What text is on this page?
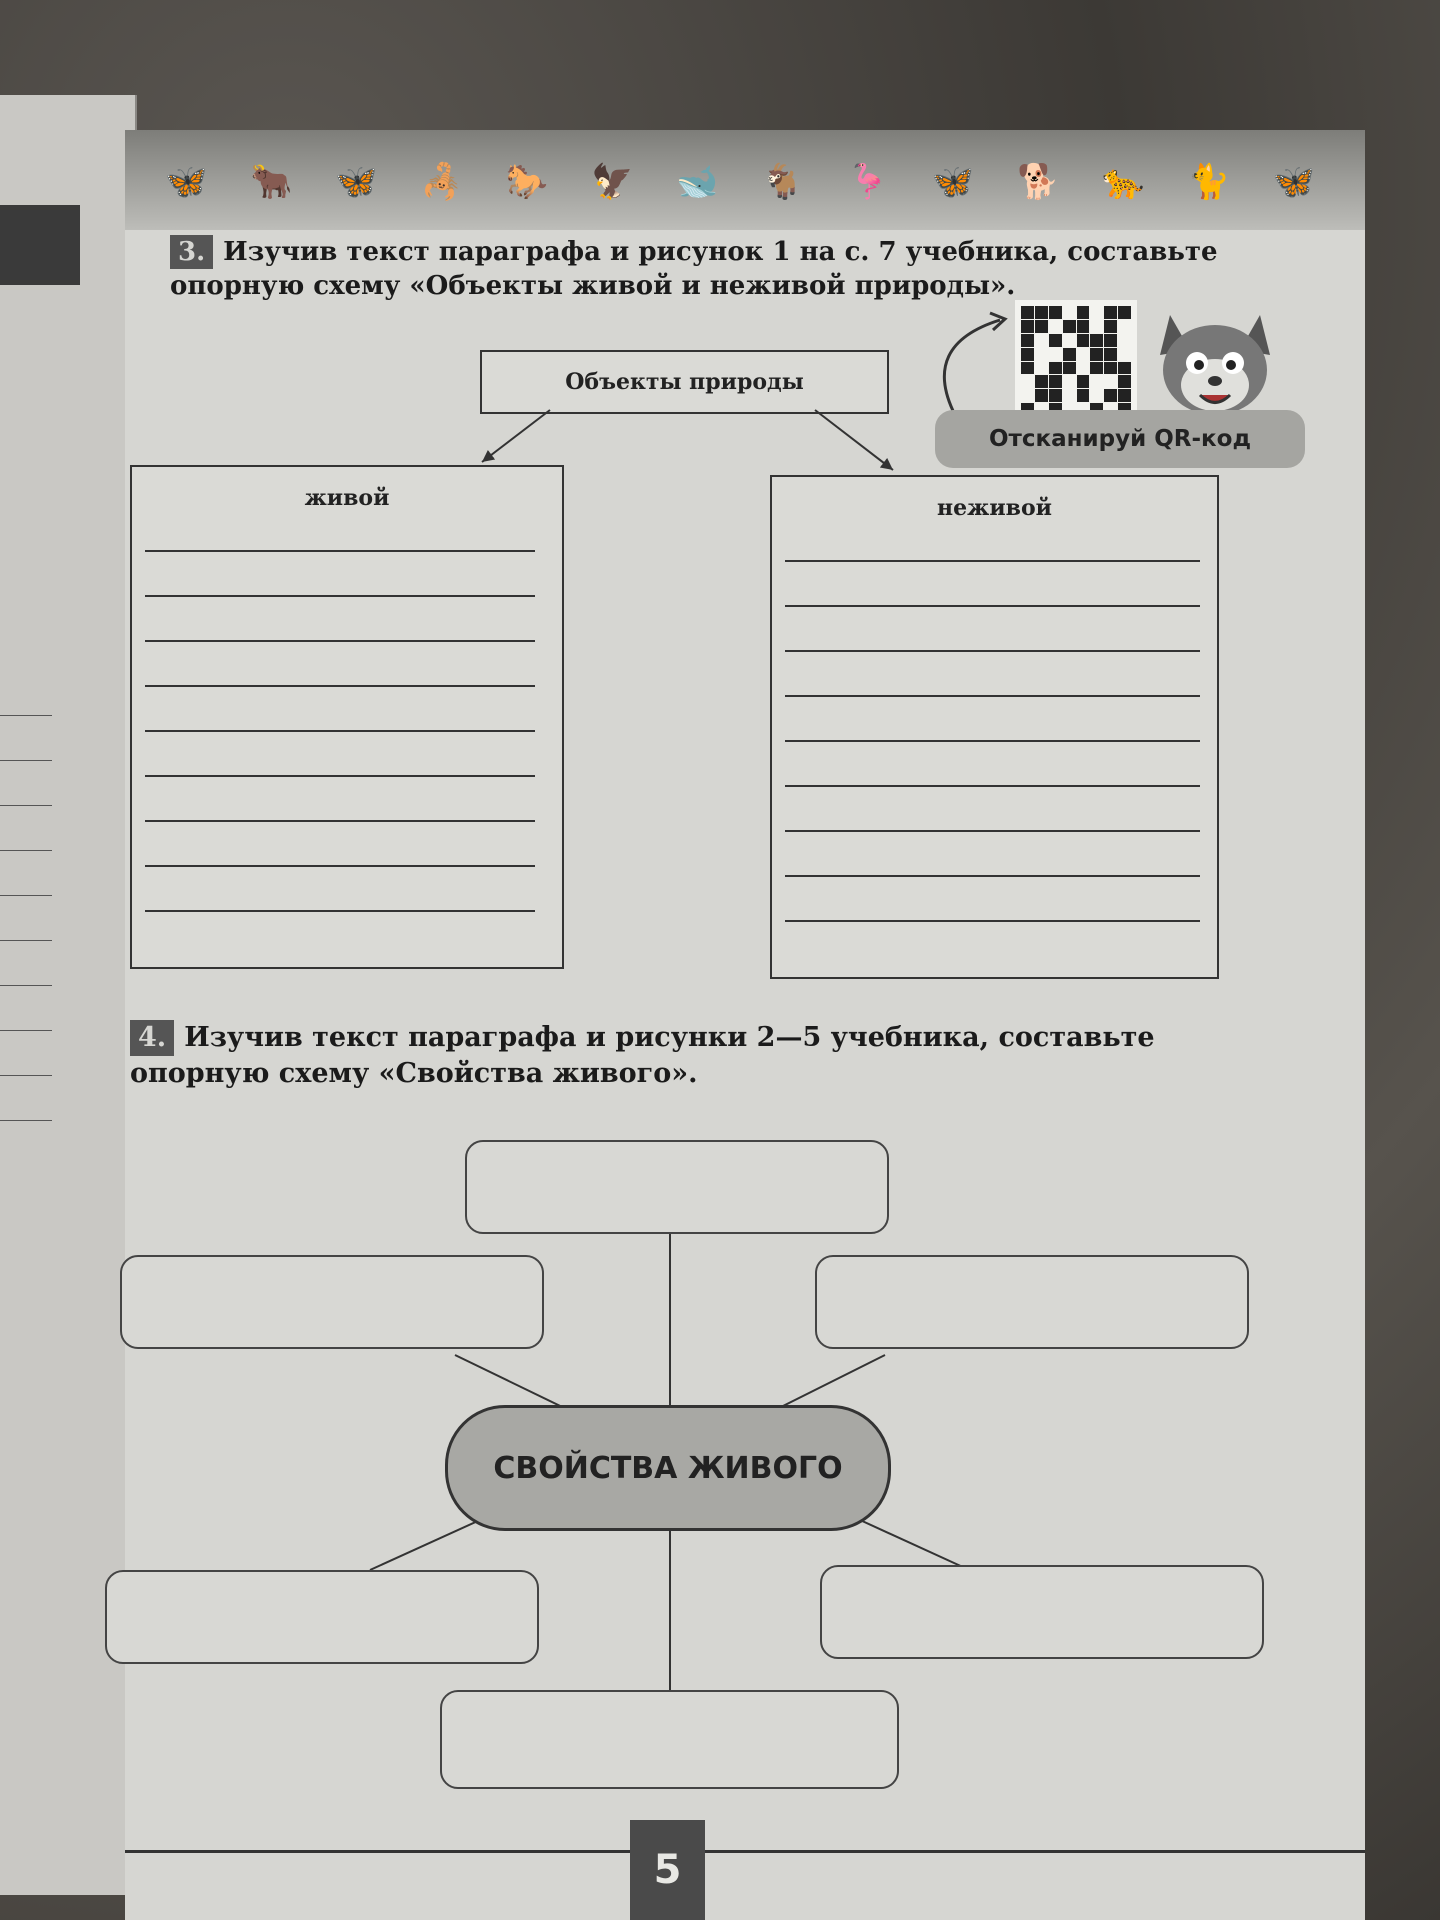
🦋 🐂 🦋 🦂 🐎 🦅 🐋 🐐 🦩 🦋 🐕 🐆 🐈 🦋
3. Изучив текст параграфа и рисунок 1 на с. 7 учебника, составьте
опорную схему «Объекты живой и неживой природы».
Объекты природы
живой	неживой
Отсканируй QR-код
4. Изучив текст параграфа и рисунки 2—5 учебника, составьте
опорную схему «Свойства живого».
СВОЙСТВА ЖИВОГО
5
